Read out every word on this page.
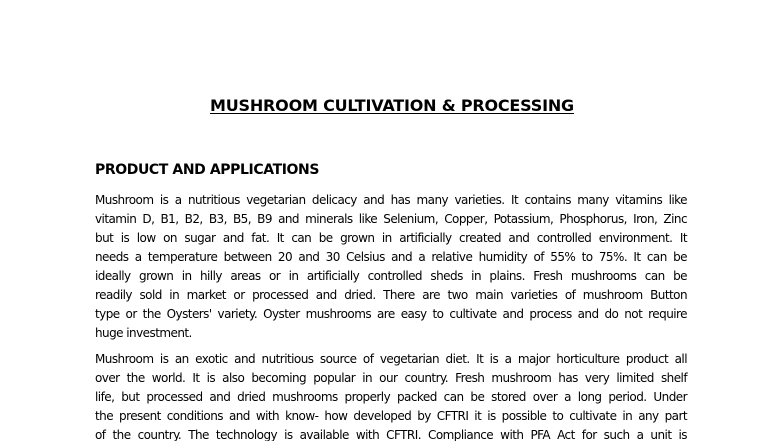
MUSHROOM CULTIVATION & PROCESSING
PRODUCT AND APPLICATIONS
Mushroom is a nutritious vegetarian delicacy and has many varieties. It contains many vitamins like
vitamin D, B1, B2, B3, B5, B9 and minerals like Selenium, Copper, Potassium, Phosphorus, Iron, Zinc
but is low on sugar and fat. It can be grown in artificially created and controlled environment. It
needs a temperature between 20 and 30 Celsius and a relative humidity of 55% to 75%. It can be
ideally grown in hilly areas or in artificially controlled sheds in plains. Fresh mushrooms can be
readily sold in market or processed and dried. There are two main varieties of mushroom Button
type or the Oysters' variety. Oyster mushrooms are easy to cultivate and process and do not require
huge investment.
Mushroom is an exotic and nutritious source of vegetarian diet. It is a major horticulture product all
over the world. It is also becoming popular in our country. Fresh mushroom has very limited shelf
life, but processed and dried mushrooms properly packed can be stored over a long period. Under
the present conditions and with know- how developed by CFTRI it is possible to cultivate in any part
of the country. The technology is available with CFTRI. Compliance with PFA Act for such a unit is
